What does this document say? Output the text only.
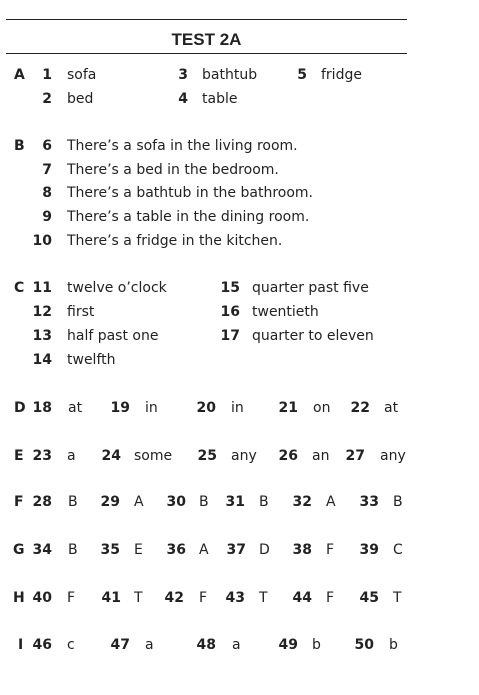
TEST 2A
A	1 sofa
2 bed
3 bathtub
4 table
5 fridge
B	6 There’s a sofa in the living room.
7 There’s a bed in the bedroom.
8 There’s a bathtub in the bathroom.
9 There’s a table in the dining room.
10 There’s a fridge in the kitchen.
C 11 twelve o’clock
12 first
13 half past one
14 twelfth
15 quarter past five
16 twentieth
17 quarter to eleven
D 18 at	19 in	20 in	21 on	22 at
E 23 a	24 some	25 any	26 an	27 any
F 28 B	29 A	30 B	31 B	32 A	33 B
G 34 B	35 E	36 A	37 D	38 F	39 C
H 40 F	41 T	42 F	43 T	44 F	45 T
I 46 c	47 a	48 a	49 b	50 b
